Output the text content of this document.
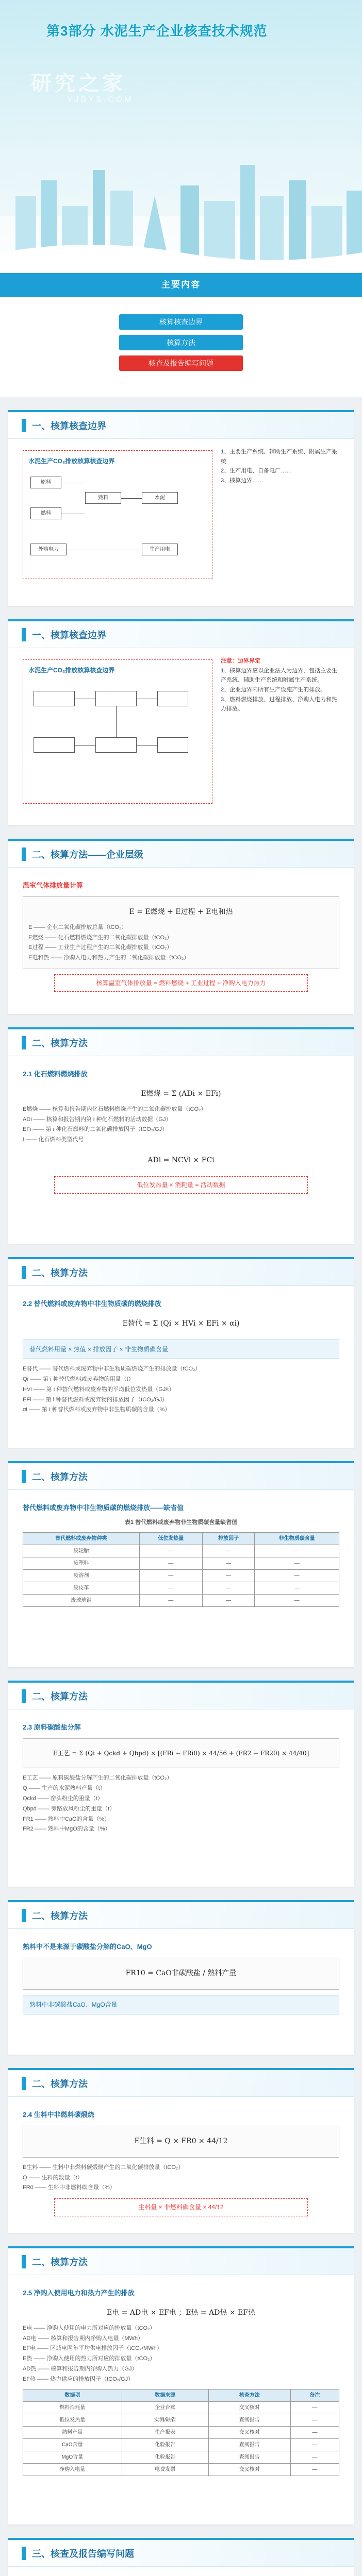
第3部分 水泥生产企业核查技术规范
研究之家
YJBYS.COM
主要内容
核算核查边界
核算方法
核查及报告编写问题
一、核算核查边界
水泥生产CO₂排放核算核查边界
原料
燃料
熟料	水泥
外购电力	生产用电
1、主要生产系统、辅助生产系统、附属生产系统
2、生产用电、自备电厂……
3、核算边界……
一、核算核查边界
水泥生产CO₂排放核算核查边界
注意：边界界定
1、核算边界应以企业法人为边界，包括主要生产系统、辅助生产系统和附属生产系统。
2、企业边界内所有生产设施产生的排放。
3、燃料燃烧排放、过程排放、净购入电力和热力排放。
二、核算方法——企业层级
温室气体排放量计算
E = E燃烧 + E过程 + E电和热
E —— 企业二氧化碳排放总量（tCO₂）
E燃烧 —— 化石燃料燃烧产生的二氧化碳排放量（tCO₂）
E过程 —— 工业生产过程产生的二氧化碳排放量（tCO₂）
E电和热 —— 净购入电力和热力产生的二氧化碳排放量（tCO₂）
核算温室气体排放量 = 燃料燃烧 + 工业过程 + 净购入电力热力
二、核算方法
2.1 化石燃料燃烧排放
E燃烧 = Σ (ADi × EFi)
E燃烧 —— 核算和报告期内化石燃料燃烧产生的二氧化碳排放量（tCO₂）
ADi —— 核算和报告期内第 i 种化石燃料的活动数据（GJ）
EFi —— 第 i 种化石燃料的二氧化碳排放因子（tCO₂/GJ）
i —— 化石燃料类型代号
ADi = NCVi × FCi
低位发热量 × 消耗量 = 活动数据
二、核算方法
2.2 替代燃料或废弃物中非生物质碳的燃烧排放
E替代 = Σ (Qi × HVi × EFi × αi)
替代燃料用量 × 热值 × 排放因子 × 非生物质碳含量
E替代 —— 替代燃料或废弃物中非生物质碳燃烧产生的排放量（tCO₂）
Qi —— 第 i 种替代燃料或废弃物的用量（t）
HVi —— 第 i 种替代燃料或废弃物的平均低位发热量（GJ/t）
EFi —— 第 i 种替代燃料或废弃物的排放因子（tCO₂/GJ）
αi —— 第 i 种替代燃料或废弃物中非生物质碳的含量（%）
二、核算方法
替代燃料或废弃物中非生物质碳的燃烧排放——缺省值
表1 替代燃料或废弃物非生物质碳含量缺省值
替代燃料或废弃物种类	低位发热量	排放因子	非生物质碳含量
废轮胎	—	—	—
废塑料	—	—	—
废溶剂	—	—	—
废皮革	—	—	—
废玻璃钢	—	—	—
二、核算方法
2.3 原料碳酸盐分解
E工艺 = Σ (Qi + Qckd + Qbpd) × [(FRi − FRi0) × 44/56 + (FR2 − FR20) × 44/40]
E工艺 —— 原料碳酸盐分解产生的二氧化碳排放量（tCO₂）
Q —— 生产的水泥熟料产量（t）
Qckd —— 窑头粉尘的重量（t）
Qbpd —— 旁路放风粉尘的重量（t）
FR1 —— 熟料中CaO的含量（%）
FR2 —— 熟料中MgO的含量（%）
二、核算方法
熟料中不是来源于碳酸盐分解的CaO、MgO
FR10 = CaO非碳酸盐 / 熟料产量
熟料中非碳酸盐CaO、MgO含量
二、核算方法
2.4 生料中非燃料碳煅烧
E生料 = Q × FR0 × 44/12
E生料 —— 生料中非燃料碳煅烧产生的二氧化碳排放量（tCO₂）
Q —— 生料的数量（t）
FR0 —— 生料中非燃料碳含量（%）
生料量 × 非燃料碳含量 × 44/12
二、核算方法
2.5 净购入使用电力和热力产生的排放
E电 = AD电 × EF电 ；E热 = AD热 × EF热
E电 —— 净购入使用的电力所对应的排放量（tCO₂）
AD电 —— 核算和报告期内净购入电量（MWh）
EF电 —— 区域电网年平均供电排放因子（tCO₂/MWh）
E热 —— 净购入使用的热力所对应的排放量（tCO₂）
AD热 —— 核算和报告期内净购入热力（GJ）
EF热 —— 热力供应的排放因子（tCO₂/GJ）
数据项	数据来源	核查方法	备注
燃料消耗量	企业台账	交叉核对	—
低位发热量	实测/缺省	查阅报告	—
熟料产量	生产报表	交叉核对	—
CaO含量	化验报告	查阅报告	—
MgO含量	化验报告	查阅报告	—
净购入电量	电费发票	交叉核对	—
三、核查及报告编写问题
